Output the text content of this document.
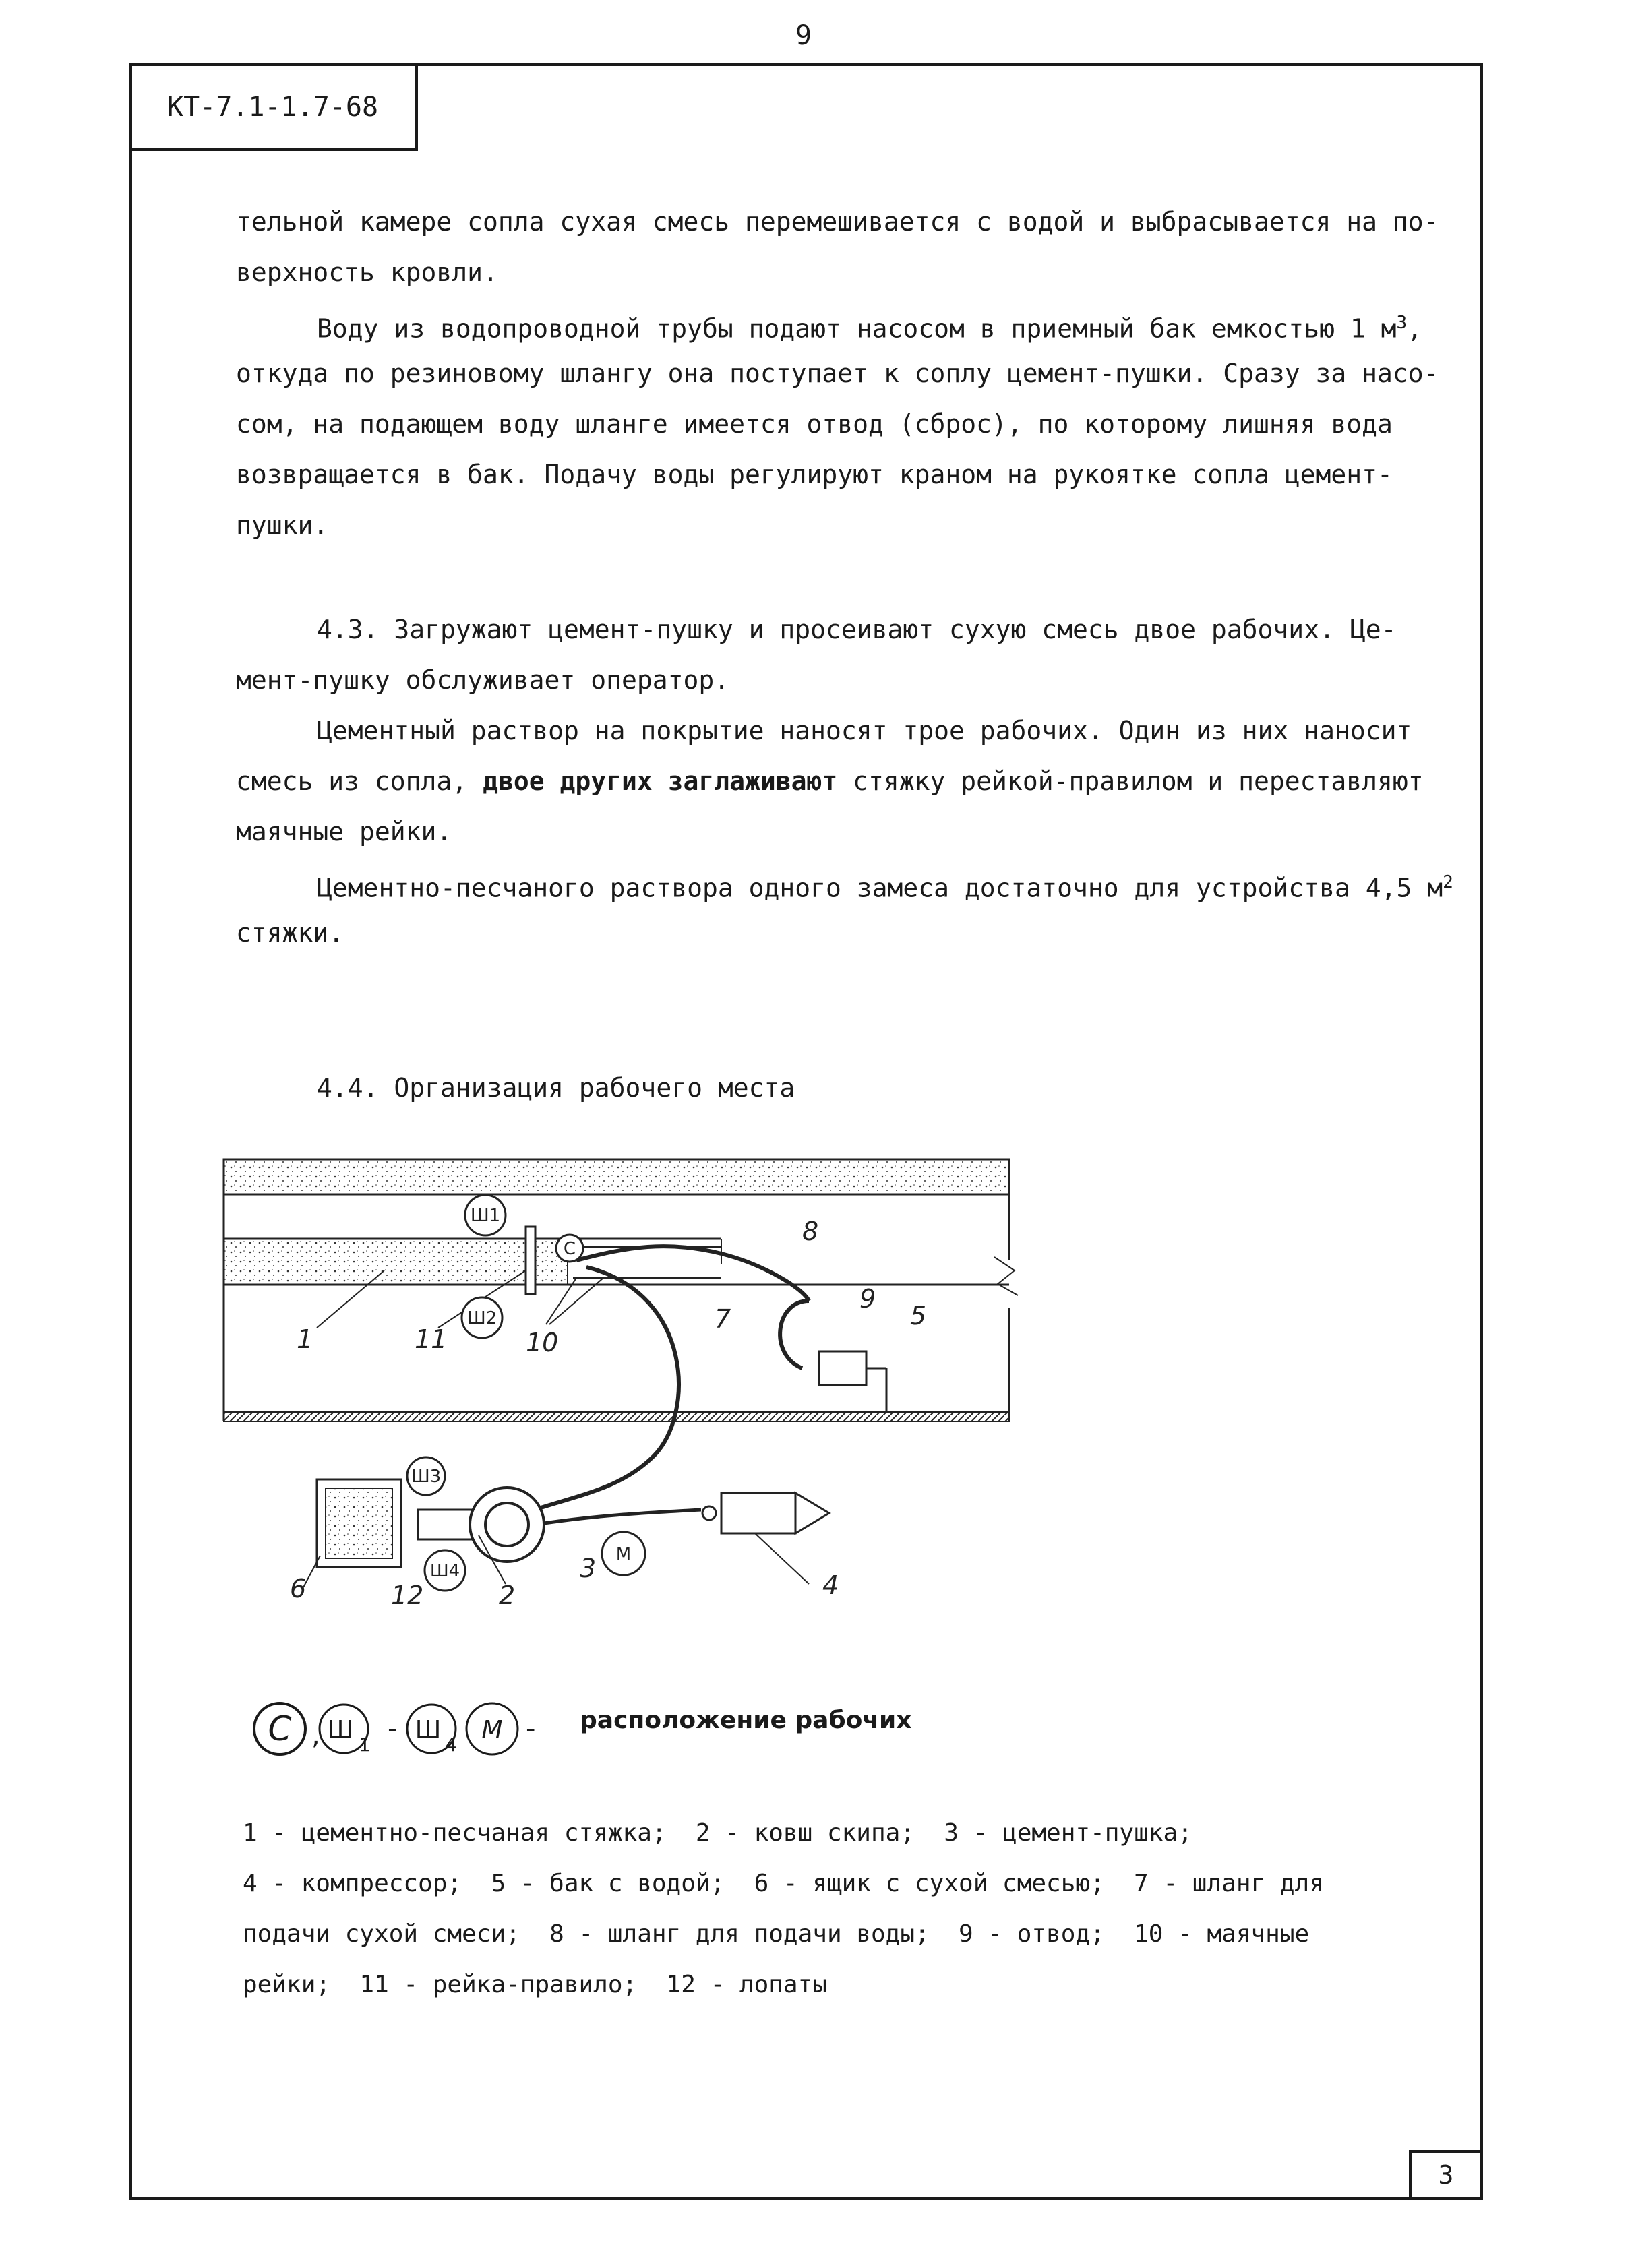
9
КТ-7.1-1.7-68
3
тельной камере сопла сухая смесь перемешивается с водой и выбрасывается на по-
верхность кровли.
Воду из водопроводной трубы подают насосом в приемный бак емкостью 1 $м^3$,
откуда по резиновому шлангу она поступает к соплу цемент-пушки. Сразу за насо-
сом, на подающем воду шланге имеется отвод (сброс), по которому лишняя вода
возвращается в бак. Подачу воды регулируют краном на рукоятке сопла цемент-
пушки.
4.3. Загружают цемент-пушку и просеивают сухую смесь двое рабочих. Це-
мент-пушку обслуживает оператор.
Цементный раствор на покрытие наносят трое рабочих. Один из них наносит
смесь из сопла, двое других заглаживают стяжку рейкой-правилом и переставляют
маячные рейки.
Цементно-песчаного раствора одного замеса достаточно для устройства 4,5 $м^2$
стяжки.
4.4. Организация рабочего места
1
2
3
4
5
6
7
8
9
10
11
12
Ш1
Ш2
Ш3
Ш4
С
М
С , Ш
1
- Ш
4
М - расположение рабочих
1 - цементно-песчаная стяжка;  2 - ковш скипа;  3 - цемент-пушка;
4 - компрессор;  5 - бак с водой;  6 - ящик с сухой смесью;  7 - шланг для
подачи сухой смеси;  8 - шланг для подачи воды;  9 - отвод;  10 - маячные
рейки;  11 - рейка-правило;  12 - лопаты
